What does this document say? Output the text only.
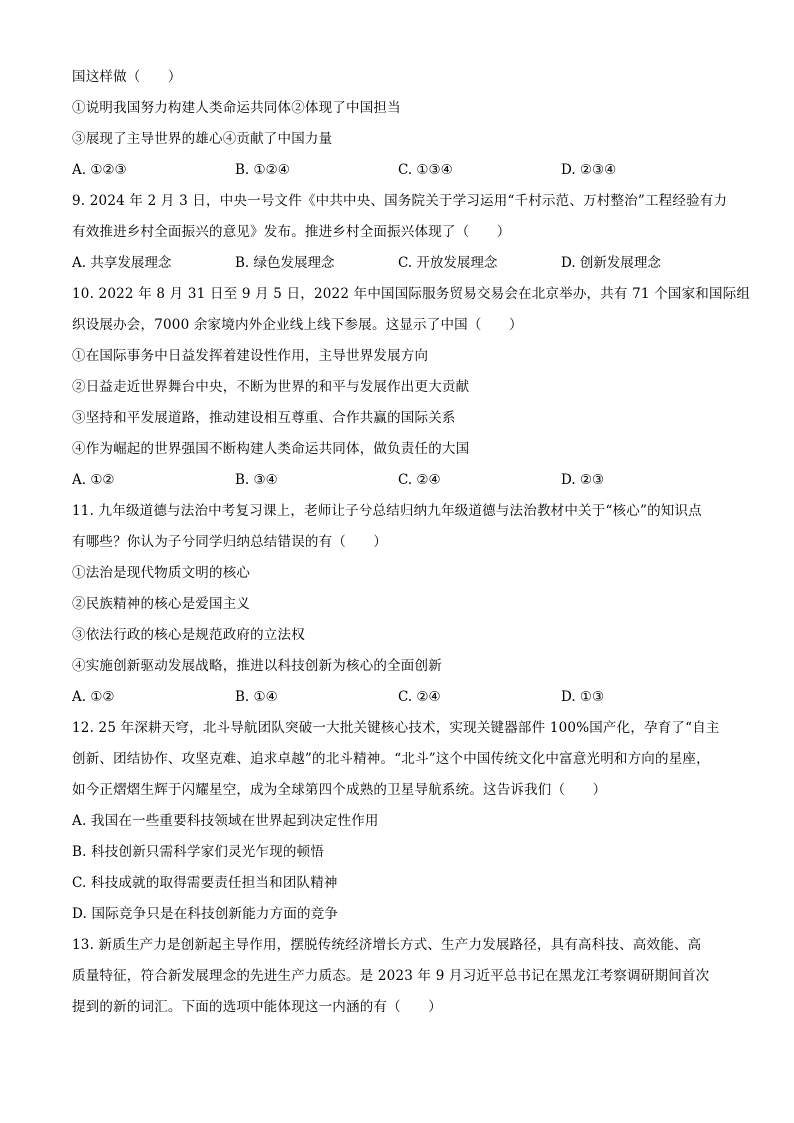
国这样做（　　）
①说明我国努力构建人类命运共同体②体现了中国担当
③展现了主导世界的雄心④贡献了中国力量
A. ①②③	B. ①②④	C. ①③④	D. ②③④
9. 2024 年 2 月 3 日，中央一号文件《中共中央、国务院关于学习运用“千村示范、万村整治”工程经验有力
有效推进乡村全面振兴的意见》发布。推进乡村全面振兴体现了（　　）
A. 共享发展理念	B. 绿色发展理念	C. 开放发展理念	D. 创新发展理念
10. 2022 年 8 月 31 日至 9 月 5 日，2022 年中国国际服务贸易交易会在北京举办，共有 71 个国家和国际组
织设展办会，7000 余家境内外企业线上线下参展。这显示了中国（　　）
①在国际事务中日益发挥着建设性作用，主导世界发展方向
②日益走近世界舞台中央，不断为世界的和平与发展作出更大贡献
③坚持和平发展道路，推动建设相互尊重、合作共赢的国际关系
④作为崛起的世界强国不断构建人类命运共同体，做负责任的大国
A. ①②	B. ③④	C. ②④	D. ②③
11. 九年级道德与法治中考复习课上，老师让子兮总结归纳九年级道德与法治教材中关于“核心”的知识点
有哪些？你认为子兮同学归纳总结错误的有（　　）
①法治是现代物质文明的核心
②民族精神的核心是爱国主义
③依法行政的核心是规范政府的立法权
④实施创新驱动发展战略，推进以科技创新为核心的全面创新
A. ①②	B. ①④	C. ②④	D. ①③
12. 25 年深耕天穹，北斗导航团队突破一大批关键核心技术，实现关键器部件 100%国产化，孕育了“自主
创新、团结协作、攻坚克难、追求卓越”的北斗精神。“北斗”这个中国传统文化中富意光明和方向的星座，
如今正熠熠生辉于闪耀星空，成为全球第四个成熟的卫星导航系统。这告诉我们（　　）
A. 我国在一些重要科技领域在世界起到决定性作用
B. 科技创新只需科学家们灵光乍现的顿悟
C. 科技成就的取得需要责任担当和团队精神
D. 国际竞争只是在科技创新能力方面的竞争
13. 新质生产力是创新起主导作用，摆脱传统经济增长方式、生产力发展路径，具有高科技、高效能、高
质量特征，符合新发展理念的先进生产力质态。是 2023 年 9 月习近平总书记在黑龙江考察调研期间首次
提到的新的词汇。下面的选项中能体现这一内涵的有（　　）
